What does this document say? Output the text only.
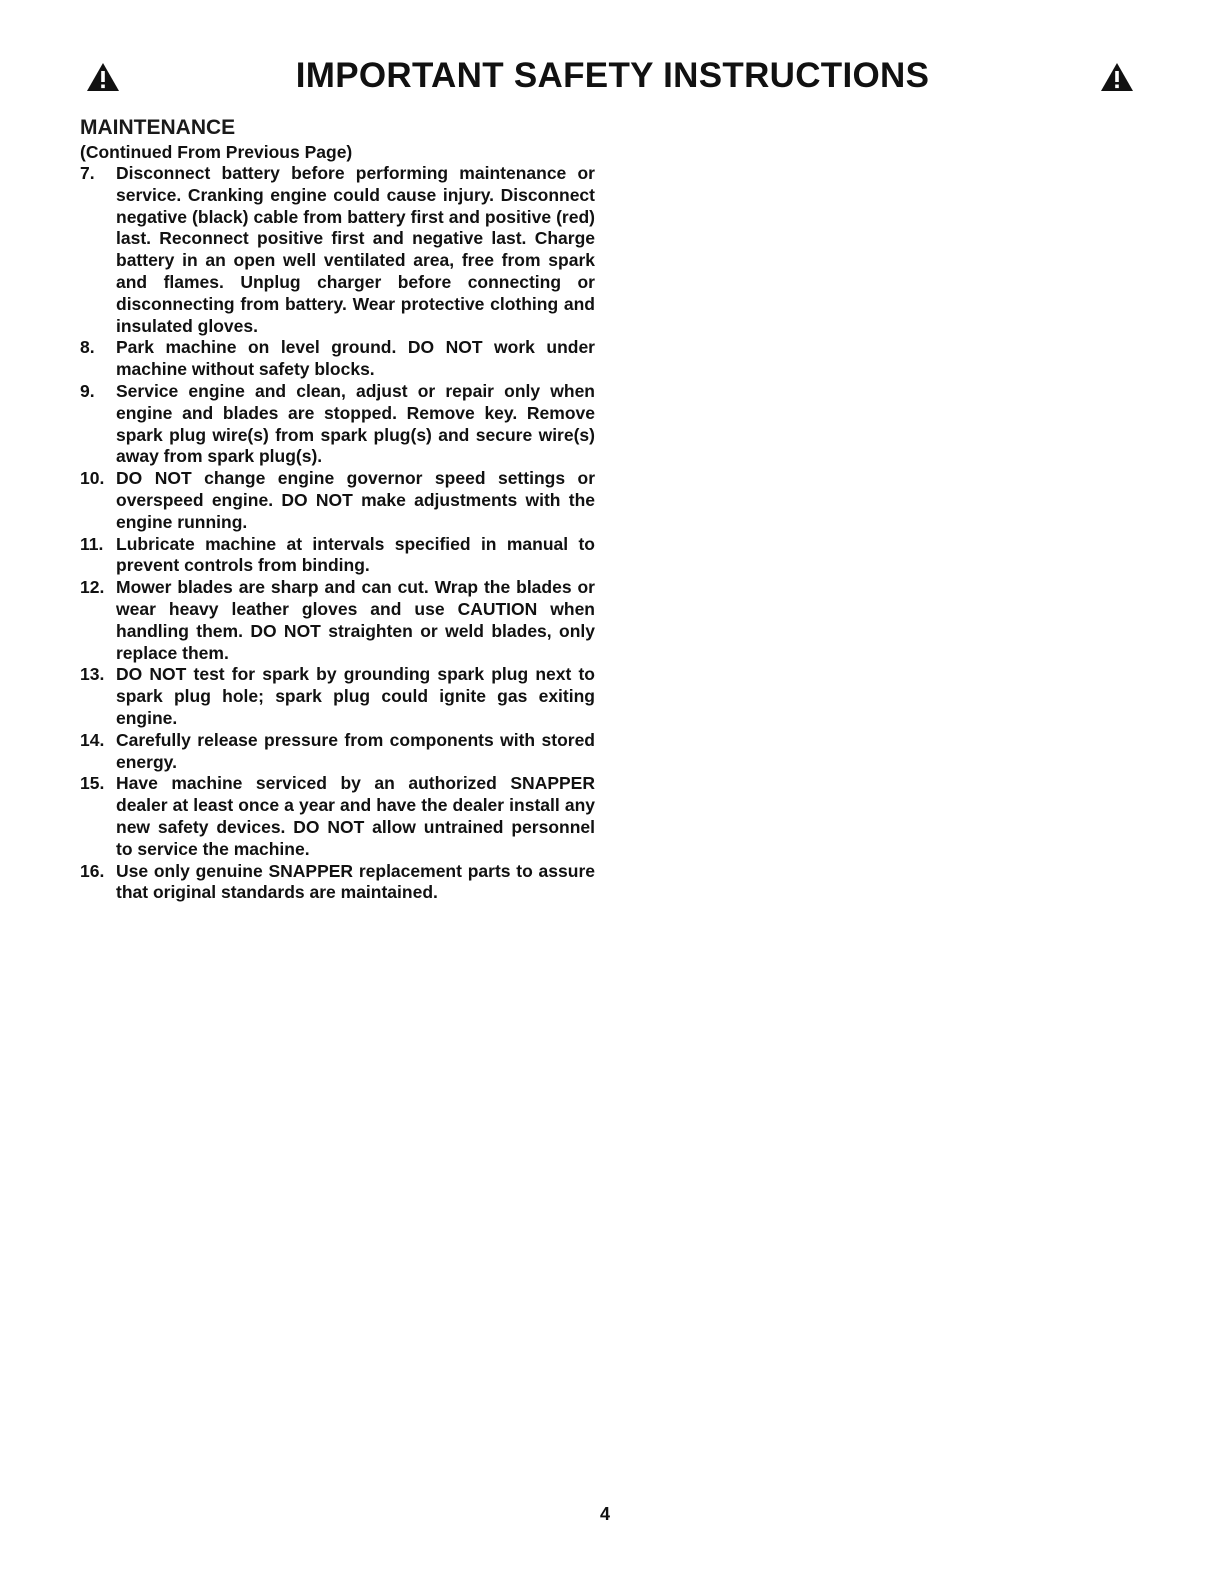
IMPORTANT SAFETY INSTRUCTIONS
MAINTENANCE

(Continued From Previous Page)

7. Disconnect battery before performing maintenance or service. Cranking engine could cause injury. Disconnect negative (black) cable from battery first and positive (red) last. Reconnect positive first and negative last. Charge battery in an open well ventilated area, free from spark and flames. Unplug charger before connecting or disconnecting from battery. Wear protective clothing and insulated gloves.
8. Park machine on level ground. DO NOT work under machine without safety blocks.
9. Service engine and clean, adjust or repair only when engine and blades are stopped. Remove key. Remove spark plug wire(s) from spark plug(s) and secure wire(s) away from spark plug(s).
10. DO NOT change engine governor speed settings or overspeed engine. DO NOT make adjustments with the engine running.
11. Lubricate machine at intervals specified in manual to prevent controls from binding.
12. Mower blades are sharp and can cut. Wrap the blades or wear heavy leather gloves and use CAUTION when handling them. DO NOT straighten or weld blades, only replace them.
13. DO NOT test for spark by grounding spark plug next to spark plug hole; spark plug could ignite gas exiting engine.
14. Carefully release pressure from components with stored energy.
15. Have machine serviced by an authorized SNAPPER dealer at least once a year and have the dealer install any new safety devices. DO NOT allow untrained personnel to service the machine.
16. Use only genuine SNAPPER replacement parts to assure that original standards are maintained.
4
